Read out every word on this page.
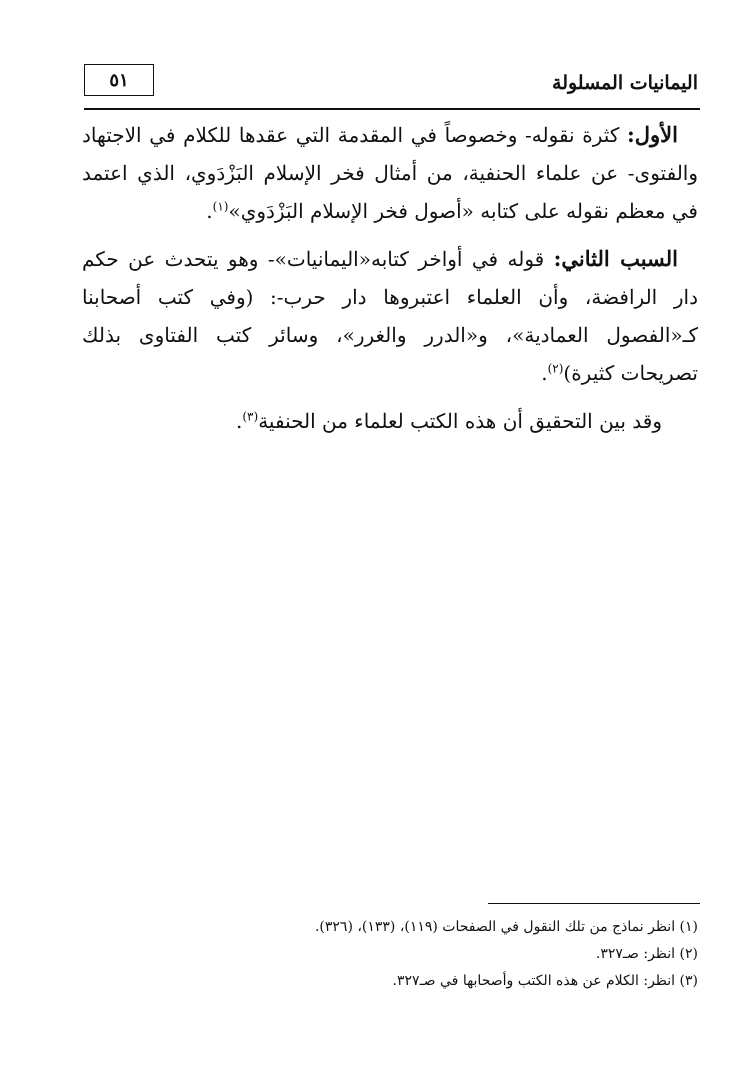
اليمانيات المسلولة
٥١

الأول: كثرة نقوله- وخصوصاً في المقدمة التي عقدها للكلام في الاجتهاد والفتوى- عن علماء الحنفية، من أمثال فخر الإسلام البَزْدَوي، الذي اعتمد في معظم نقوله على كتابه «أصول فخر الإسلام البَزْدَوي»$^{(١)}$.

السبب الثاني: قوله في أواخر كتابه«اليمانيات»- وهو يتحدث عن حكم دار الرافضة، وأن العلماء اعتبروها دار حرب-: (وفي كتب أصحابنا كـ«الفصول العمادية»، و«الدرر والغرر»، وسائر كتب الفتاوى بذلك تصريحات كثيرة)$^{(٢)}$.

وقد بين التحقيق أن هذه الكتب لعلماء من الحنفية$^{(٣)}$.

(١) انظر نماذج من تلك النقول في الصفحات (١١٩)، (١٣٣)، (٣٢٦).
(٢) انظر: صـ٣٢٧.
(٣) انظر: الكلام عن هذه الكتب وأصحابها في صـ٣٢٧.
